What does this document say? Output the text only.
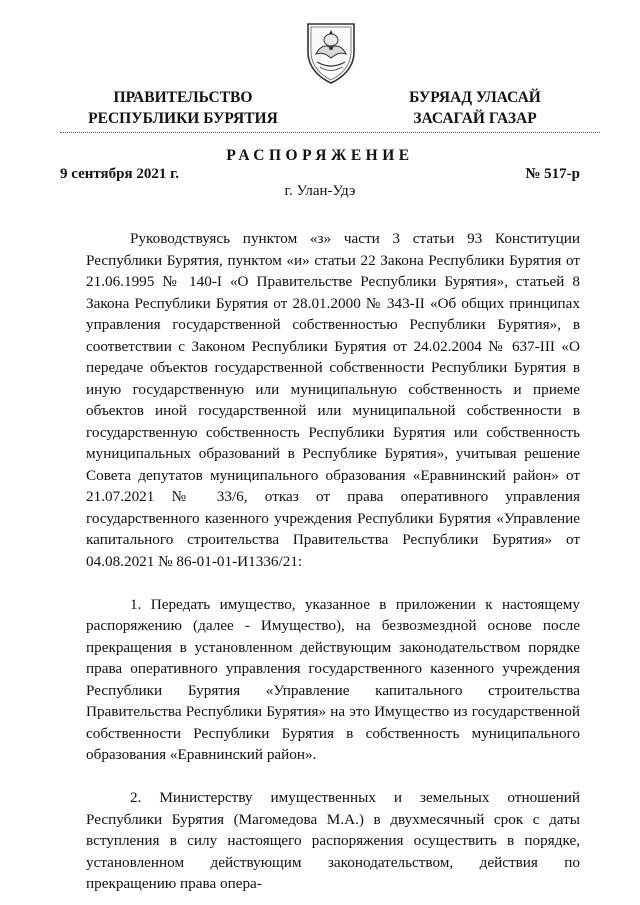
ПРАВИТЕЛЬСТВО
РЕСПУБЛИКИ БУРЯТИЯ
БУРЯАД УЛАСАЙ
ЗАСАГАЙ ГАЗАР
РАСПОРЯЖЕНИЕ
9 сентября 2021 г.	№ 517-р
г. Улан-Удэ

Руководствуясь пунктом «з» части 3 статьи 93 Конституции Республики Бурятия, пунктом «и» статьи 22 Закона Республики Бурятия от 21.06.1995 № 140-I «О Правительстве Республики Бурятия», статьей 8 Закона Республики Бурятия от 28.01.2000 № 343-II «Об общих принципах управления государственной собственностью Республики Бурятия», в соответствии с Законом Республики Бурятия от 24.02.2004 № 637-III «О передаче объектов государственной собственности Республики Бурятия в иную государственную или муниципальную собственность и приеме объектов иной государственной или муниципальной собственности в государственную собственность Республики Бурятия или собственность муниципальных образований в Республике Бурятия», учитывая решение Совета депутатов муниципального образования «Еравнинский район» от 21.07.2021 № 33/6, отказ от права оперативного управления государственного казенного учреждения Республики Бурятия «Управление капитального строительства Правительства Республики Бурятия» от 04.08.2021 № 86-01-01-И1336/21:

1. Передать имущество, указанное в приложении к настоящему распоряжению (далее - Имущество), на безвозмездной основе после прекращения в установленном действующим законодательством порядке права оперативного управления государственного казенного учреждения Республики Бурятия «Управление капитального строительства Правительства Республики Бурятия» на это Имущество из государственной собственности Республики Бурятия в собственность муниципального образования «Еравнинский район».

2. Министерству имущественных и земельных отношений Республики Бурятия (Магомедова М.А.) в двухмесячный срок с даты вступления в силу настоящего распоряжения осуществить в порядке, установленном действующим законодательством, действия по прекращению права опера-
